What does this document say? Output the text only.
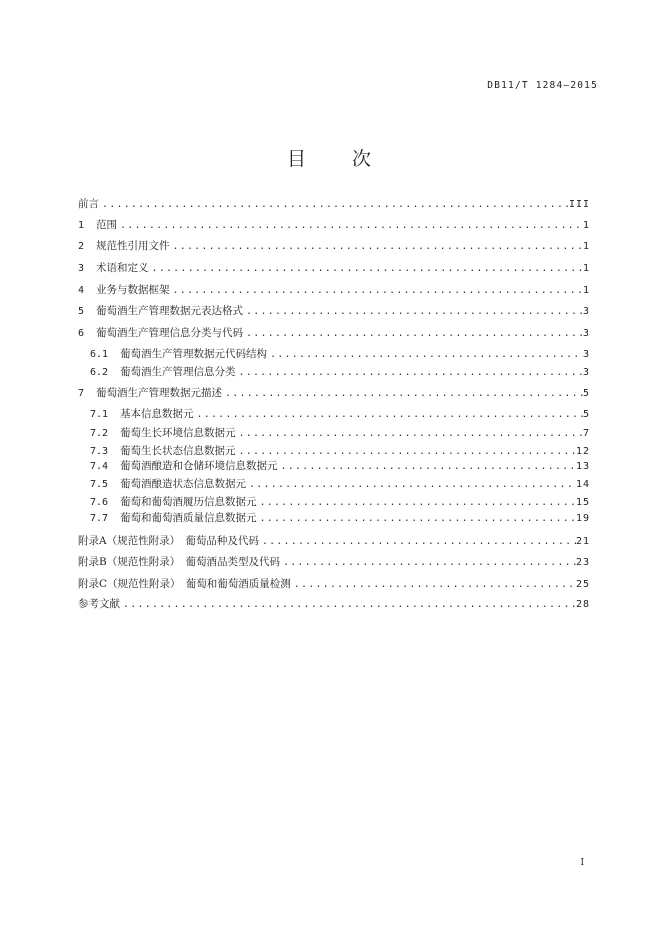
DB11/T 1284—2015
目 次
前言 .....	III
1	范围 .....	1
2	规范性引用文件 .....	1
3	术语和定义 .....	1
4	业务与数据框架 .....	1
5	葡萄酒生产管理数据元表达格式 .....	3
6	葡萄酒生产管理信息分类与代码 .....	3
6.1	葡萄酒生产管理数据元代码结构 .....	3
6.2	葡萄酒生产管理信息分类 .....	3
7	葡萄酒生产管理数据元描述 .....	5
7.1	基本信息数据元 .....	5
7.2	葡萄生长环境信息数据元 .....	7
7.3	葡萄生长状态信息数据元 .....	12
7.4	葡萄酒酿造和仓储环境信息数据元 .....	13
7.5	葡萄酒酿造状态信息数据元 .....	14
7.6	葡萄和葡萄酒履历信息数据元 .....	15
7.7	葡萄和葡萄酒质量信息数据元 .....	19
附录A（规范性附录）　葡萄品种及代码 .....	21
附录B（规范性附录）　葡萄酒品类型及代码 .....	23
附录C（规范性附录）　葡萄和葡萄酒质量检测 .....	25
参考文献 .....	28
I
